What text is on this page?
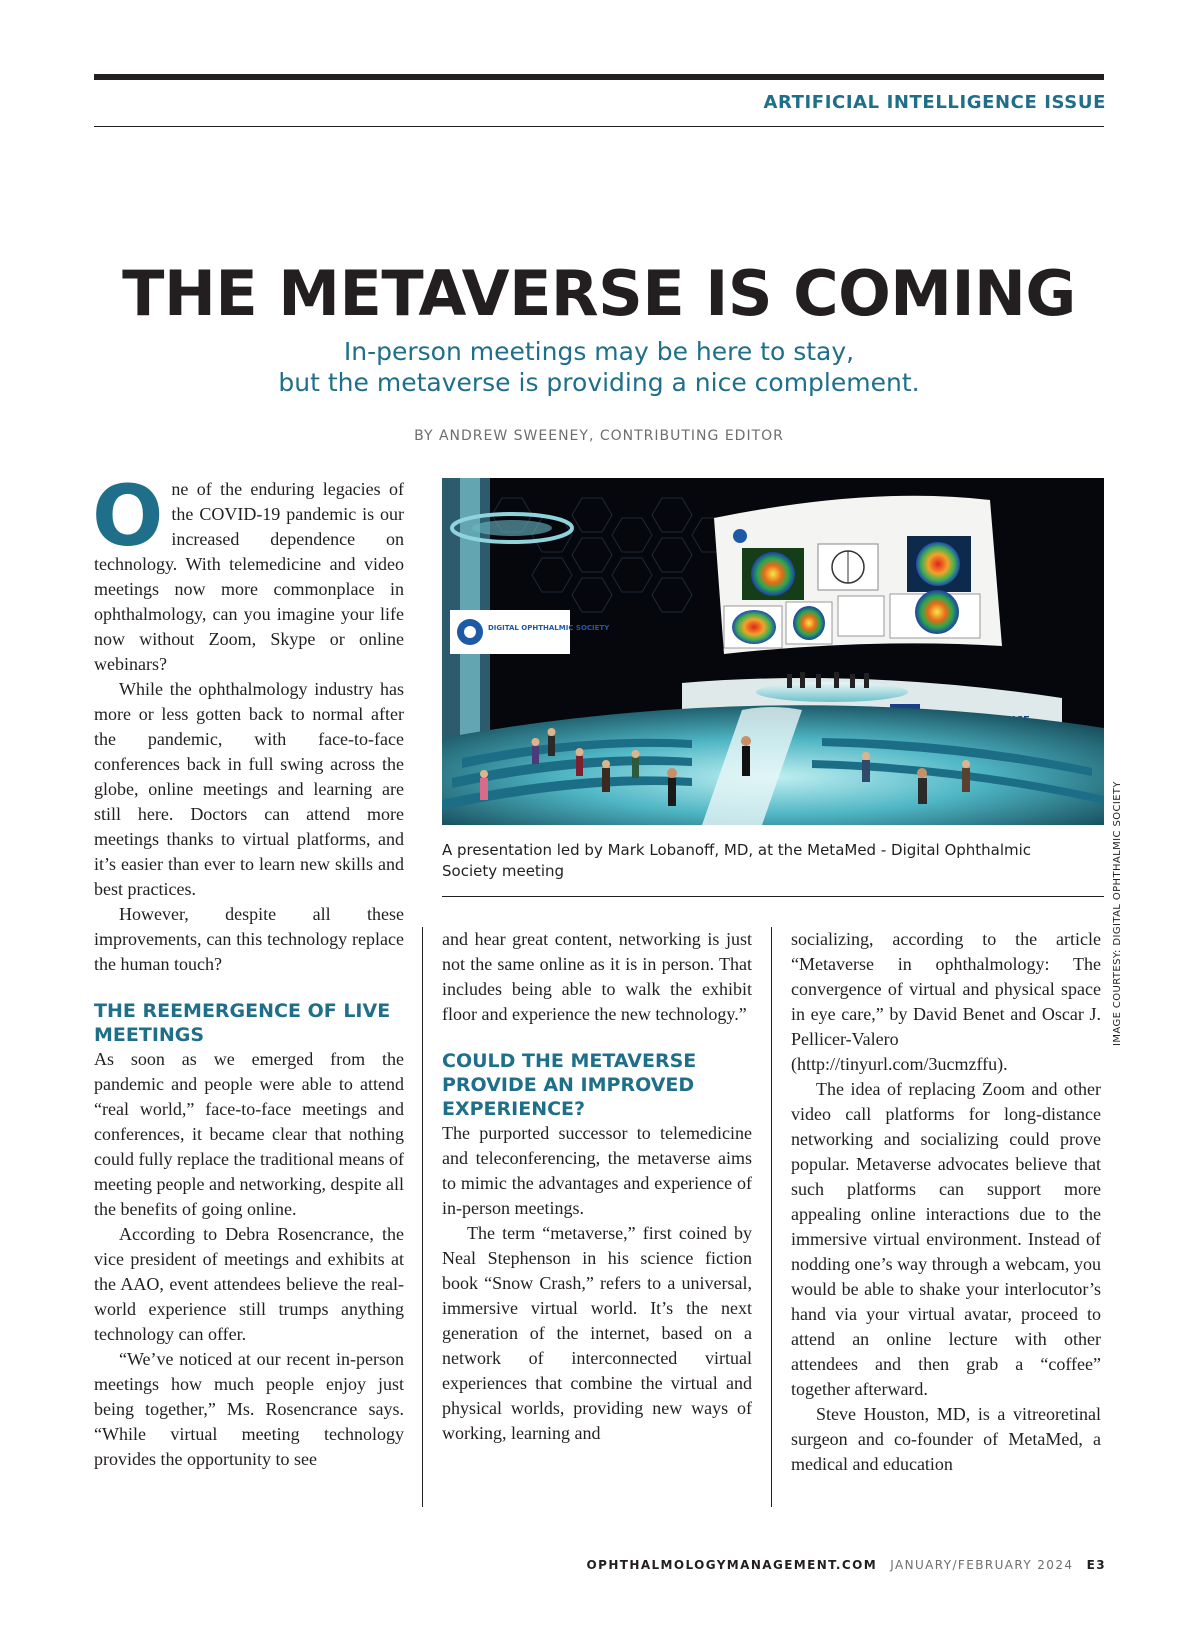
ARTIFICIAL INTELLIGENCE ISSUE
THE METAVERSE IS COMING
In-person meetings may be here to stay,
but the metaverse is providing a nice complement.
BY ANDREW SWEENEY, CONTRIBUTING EDITOR

One of the enduring legacies of the COVID-19 pandemic is our increased dependence on technology. With telemedicine and video meetings now more commonplace in ophthalmology, can you imagine your life now without Zoom, Skype or online webinars?

While the ophthalmology industry has more or less gotten back to normal after the pandemic, with face-to-face conferences back in full swing across the globe, online meetings and learning are still here. Doctors can attend more meetings thanks to virtual platforms, and it’s easier than ever to learn new skills and best practices.

However, despite all these improvements, can this technology replace the human touch?

THE REEMERGENCE OF LIVE MEETINGS

As soon as we emerged from the pandemic and people were able to attend “real world,” face-to-face meetings and conferences, it became clear that nothing could fully replace the traditional means of meeting people and networking, despite all the benefits of going online.

According to Debra Rosencrance, the vice president of meetings and exhibits at the AAO, event attendees believe the real-world experience still trumps anything technology can offer.

“We’ve noticed at our recent in-person meetings how much people enjoy just being together,” Ms. Rosencrance says. “While virtual meeting technology provides the opportunity to see

DIGITAL OPHTHALMIC SOCIETY
IMAGE COURTESY: DIGITAL OPHTHALMIC SOCIETY
A presentation led by Mark Lobanoff, MD, at the MetaMed - Digital Ophthalmic Society meeting

and hear great content, networking is just not the same online as it is in person. That includes being able to walk the exhibit floor and experience the new technology.”

COULD THE METAVERSE PROVIDE AN IMPROVED EXPERIENCE?

The purported successor to telemedicine and teleconferencing, the metaverse aims to mimic the advantages and experience of in-person meetings.

The term “metaverse,” first coined by Neal Stephenson in his science fiction book “Snow Crash,” refers to a universal, immersive virtual world. It’s the next generation of the internet, based on a network of interconnected virtual experiences that combine the virtual and physical worlds, providing new ways of working, learning and

socializing, according to the article “Metaverse in ophthalmology: The convergence of virtual and physical space in eye care,” by David Benet and Oscar J. Pellicer-Valero (http://tinyurl.com/3ucmzffu).

The idea of replacing Zoom and other video call platforms for long-distance networking and socializing could prove popular. Metaverse advocates believe that such platforms can support more appealing online interactions due to the immersive virtual environment. Instead of nodding one’s way through a webcam, you would be able to shake your interlocutor’s hand via your virtual avatar, proceed to attend an online lecture with other attendees and then grab a “coffee” together afterward.

Steve Houston, MD, is a vitreoretinal surgeon and co-founder of MetaMed, a medical and education

OPHTHALMOLOGYMANAGEMENT.COM JANUARY/FEBRUARY 2024 E3
